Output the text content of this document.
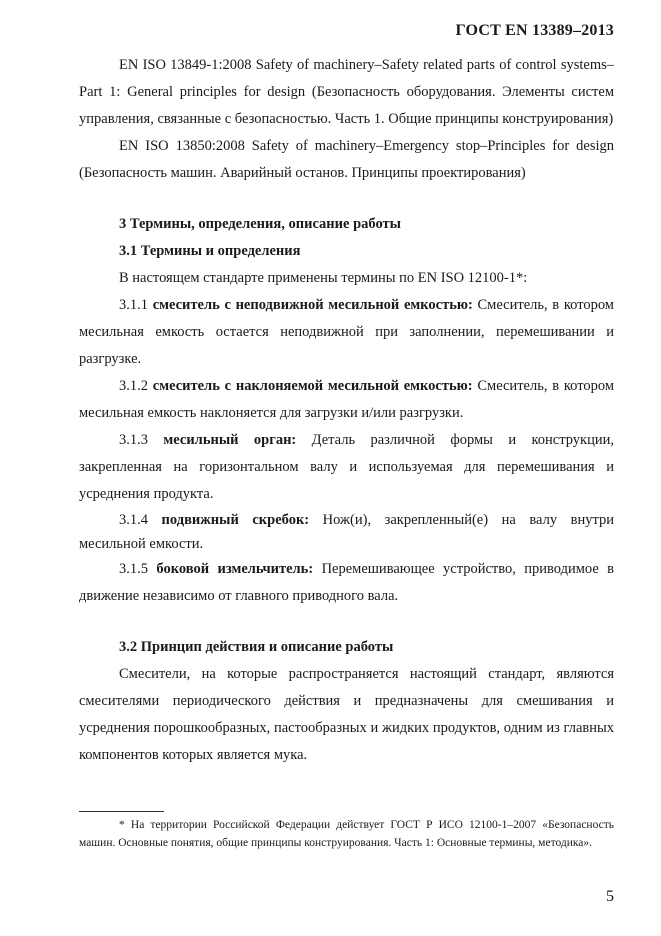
ГОСТ EN 13389–2013

EN ISO 13849-1:2008 Safety of machinery–Safety related parts of control systems–Part 1: General principles for design (Безопасность оборудования. Элементы систем управления, связанные с безопасностью. Часть 1. Общие принципы конструирования)

EN ISO 13850:2008 Safety of machinery–Emergency stop–Principles for design (Безопасность машин. Аварийный останов. Принципы проектирования)

3 Термины, определения, описание работы

3.1 Термины и определения

В настоящем стандарте применены термины по EN ISO 12100-1*:

3.1.1 смеситель с неподвижной месильной емкостью: Смеситель, в котором месильная емкость остается неподвижной при заполнении, перемешивании и разгрузке.

3.1.2 смеситель с наклоняемой месильной емкостью: Смеситель, в котором месильная емкость наклоняется для загрузки и/или разгрузки.

3.1.3 месильный орган: Деталь различной формы и конструкции, закрепленная на горизонтальном валу и используемая для перемешивания и усреднения продукта.

3.1.4 подвижный скребок: Нож(и), закрепленный(е) на валу внутри месильной емкости.

3.1.5 боковой измельчитель: Перемешивающее устройство, приводимое в движение независимо от главного приводного вала.

3.2 Принцип действия и описание работы

Смесители, на которые распространяется настоящий стандарт, являются смесителями периодического действия и предназначены для смешивания и усреднения порошкообразных, пастообразных и жидких продуктов, одним из главных компонентов которых является мука.

* На территории Российской Федерации действует ГОСТ Р ИСО 12100-1–2007 «Безопасность машин. Основные понятия, общие принципы конструирования. Часть 1: Основные термины, методика».

5
